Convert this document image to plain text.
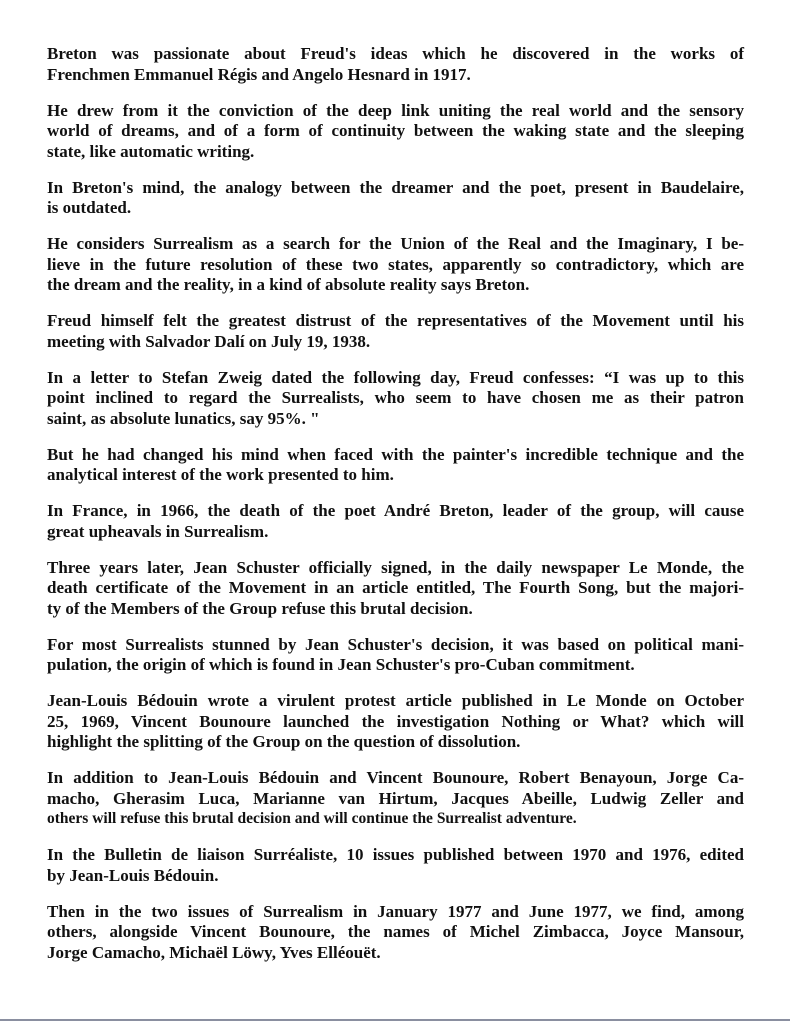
Breton was passionate about Freud's ideas which he discovered in the works of
Frenchmen Emmanuel Régis and Angelo Hesnard in 1917.

He drew from it the conviction of the deep link uniting the real world and the sensory
world of dreams, and of a form of continuity between the waking state and the sleeping
state, like automatic writing.

In Breton's mind, the analogy between the dreamer and the poet, present in Baudelaire,
is outdated.

He considers Surrealism as a search for the Union of the Real and the Imaginary, I be-
lieve in the future resolution of these two states, apparently so contradictory, which are
the dream and the reality, in a kind of absolute reality says Breton.

Freud himself felt the greatest distrust of the representatives of the Movement until his
meeting with Salvador Dalí on July 19, 1938.

In a letter to Stefan Zweig dated the following day, Freud confesses: “I was up to this
point inclined to regard the Surrealists, who seem to have chosen me as their patron
saint, as absolute lunatics, say 95%. "

But he had changed his mind when faced with the painter's incredible technique and the
analytical interest of the work presented to him.

In France, in 1966, the death of the poet André Breton, leader of the group, will cause
great upheavals in Surrealism.

Three years later, Jean Schuster officially signed, in the daily newspaper Le Monde, the
death certificate of the Movement in an article entitled, The Fourth Song, but the majori-
ty of the Members of the Group refuse this brutal decision.

For most Surrealists stunned by Jean Schuster's decision, it was based on political mani-
pulation, the origin of which is found in Jean Schuster's pro-Cuban commitment.

Jean-Louis Bédouin wrote a virulent protest article published in Le Monde on October
25, 1969, Vincent Bounoure launched the investigation Nothing or What? which will
highlight the splitting of the Group on the question of dissolution.

In addition to Jean-Louis Bédouin and Vincent Bounoure, Robert Benayoun, Jorge Ca-
macho, Gherasim Luca, Marianne van Hirtum, Jacques Abeille, Ludwig Zeller and
others will refuse this brutal decision and will continue the Surrealist adventure.

In the Bulletin de liaison Surréaliste, 10 issues published between 1970 and 1976, edited
by Jean-Louis Bédouin.

Then in the two issues of Surrealism in January 1977 and June 1977, we find, among
others, alongside Vincent Bounoure, the names of Michel Zimbacca, Joyce Mansour,
Jorge Camacho, Michaël Löwy, Yves Elléouët.
